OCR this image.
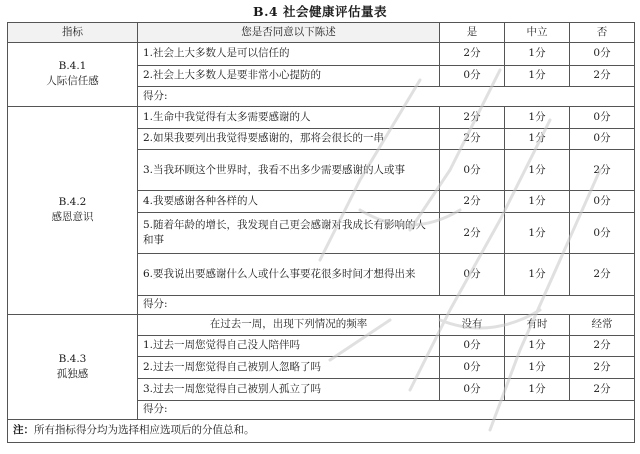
B.4 社会健康评估量表
指标	您是否同意以下陈述	是	中立	否

B.4.1
人际信任感	1.社会上大多数人是可以信任的	2分	1分	0分
	2.社会上大多数人是要非常小心提防的	0分	1分	2分
	得分:			

B.4.2
感恩意识	1.生命中我觉得有太多需要感谢的人	2分	1分	0分
	2.如果我要列出我觉得要感谢的，那将会很长的一串	2分	1分	0分
	3.当我环顾这个世界时，我看不出多少需要感谢的人或事	0分	1分	2分
	4.我要感谢各种各样的人	2分	1分	0分
	5.随着年龄的增长，我发现自己更会感谢对我成长有影响的人和事	2分	1分	0分
	6.要我说出要感谢什么人或什么事要花很多时间才想得出来	0分	1分	2分
	得分:			

B.4.3
孤独感	在过去一周，出现下列情况的频率	没有	有时	经常
	1.过去一周您觉得自己没人陪伴吗	0分	1分	2分
	2.过去一周您觉得自己被别人忽略了吗	0分	1分	2分
	3.过去一周您觉得自己被别人孤立了吗	0分	1分	2分
	得分:			
注：所有指标得分均为选择相应选项后的分值总和。				
